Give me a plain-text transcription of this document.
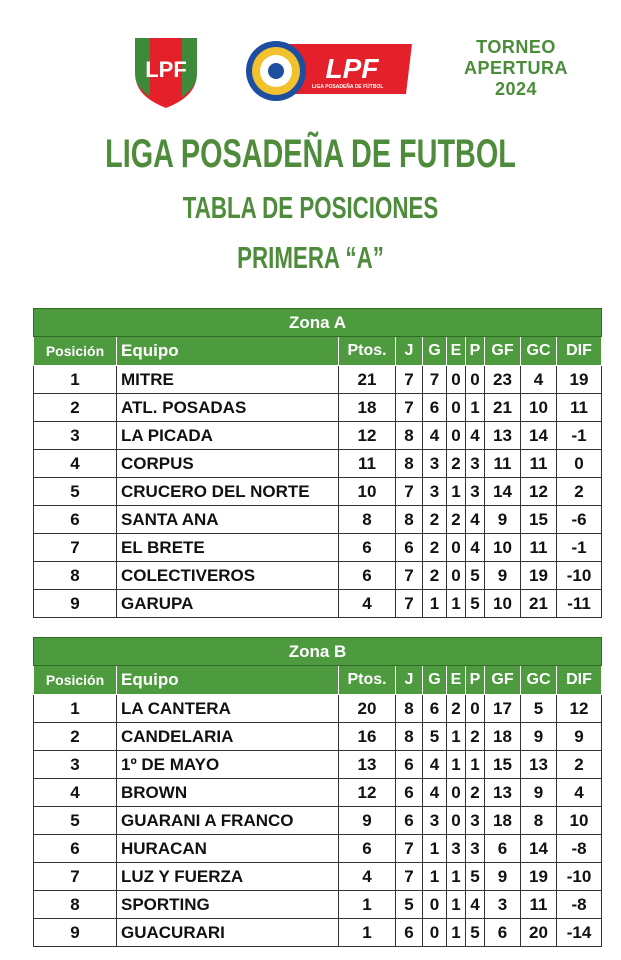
LPF	LPF
LIGA POSADEÑA DE FÚTBOL
TORNEO
APERTURA
2024
LIGA POSADEÑA DE FUTBOL
TABLA DE POSICIONES
PRIMERA “A”
Zona A									
Posición	Equipo	Ptos.	J	G	E	P	GF	GC	DIF
1	MITRE	21	7	7	0	0	23	4	19
2	ATL. POSADAS	18	7	6	0	1	21	10	11
3	LA PICADA	12	8	4	0	4	13	14	-1
4	CORPUS	11	8	3	2	3	11	11	0
5	CRUCERO DEL NORTE	10	7	3	1	3	14	12	2
6	SANTA ANA	8	8	2	2	4	9	15	-6
7	EL BRETE	6	6	2	0	4	10	11	-1
8	COLECTIVEROS	6	7	2	0	5	9	19	-10
9	GARUPA	4	7	1	1	5	10	21	-11
Zona B									
Posición	Equipo	Ptos.	J	G	E	P	GF	GC	DIF
1	LA CANTERA	20	8	6	2	0	17	5	12
2	CANDELARIA	16	8	5	1	2	18	9	9
3	1º DE MAYO	13	6	4	1	1	15	13	2
4	BROWN	12	6	4	0	2	13	9	4
5	GUARANI A FRANCO	9	6	3	0	3	18	8	10
6	HURACAN	6	7	1	3	3	6	14	-8
7	LUZ Y FUERZA	4	7	1	1	5	9	19	-10
8	SPORTING	1	5	0	1	4	3	11	-8
9	GUACURARI	1	6	0	1	5	6	20	-14
